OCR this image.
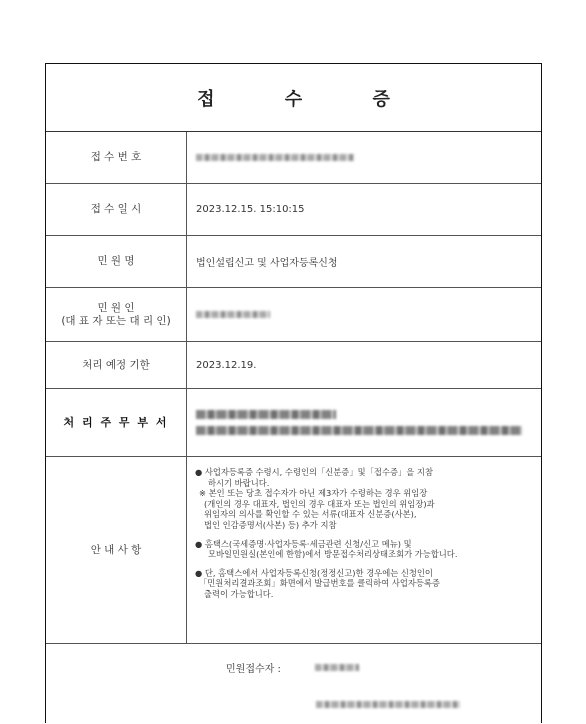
접 수 증
접 수 번 호
접 수 일 시	2023.12.15. 15:10:15
민 원 명	법인설립신고 및 사업자등록신청
민 원 인
(대 표 자 또는 대 리 인)
처리 예정 기한	2023.12.19.
처 리 주 무 부 서
안 내 사 항

● 사업자등록증 수령시, 수령인의「신분증」및「접수증」을 지참

하시기 바랍니다.
※ 본인 또는 당초 접수자가 아닌 제3자가 수령하는 경우 위임장
(개인의 경우 대표자, 법인의 경우 대표자 또는 법인의 위임장)과
위임자의 의사를 확인할 수 있는 서류(대표자 신분증(사본),
법인 인감증명서(사본) 등) 추가 지참

● 홈택스(국세증명·사업자등록·세금관련 신청/신고 메뉴) 및

모바일민원실(본인에 한함)에서 방문접수처리상태조회가 가능합니다.

● 단, 홈택스에서 사업자등록신청(정정신고)한 경우에는 신청인이

「민원처리결과조회」화면에서 발급번호를 클릭하여 사업자등록증
출력이 가능합니다.

민원접수자 :
